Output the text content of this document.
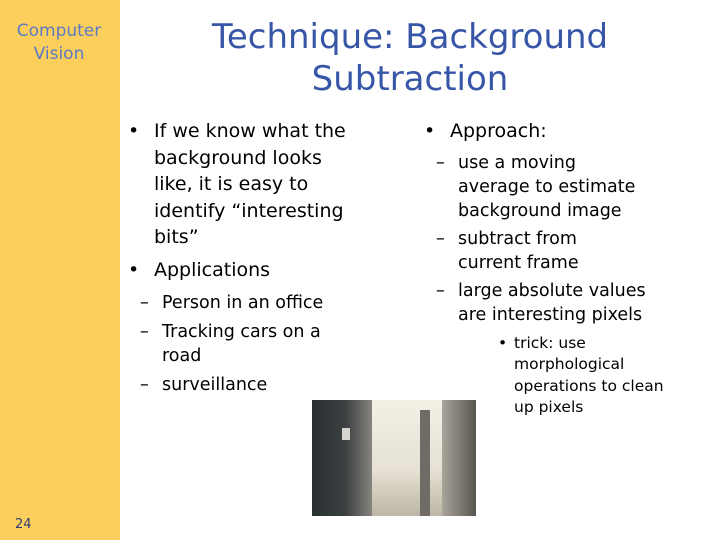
Computer
Vision
24
Technique: Background
Subtraction
• If we know what the
background looks
like, it is easy to
identify “interesting
bits”
• Applications
– Person in an office
– Tracking cars on a
road
– surveillance
• Approach:
– use a moving
average to estimate
background image
– subtract from
current frame
– large absolute values
are interesting pixels
• trick: use
morphological
operations to clean
up pixels
